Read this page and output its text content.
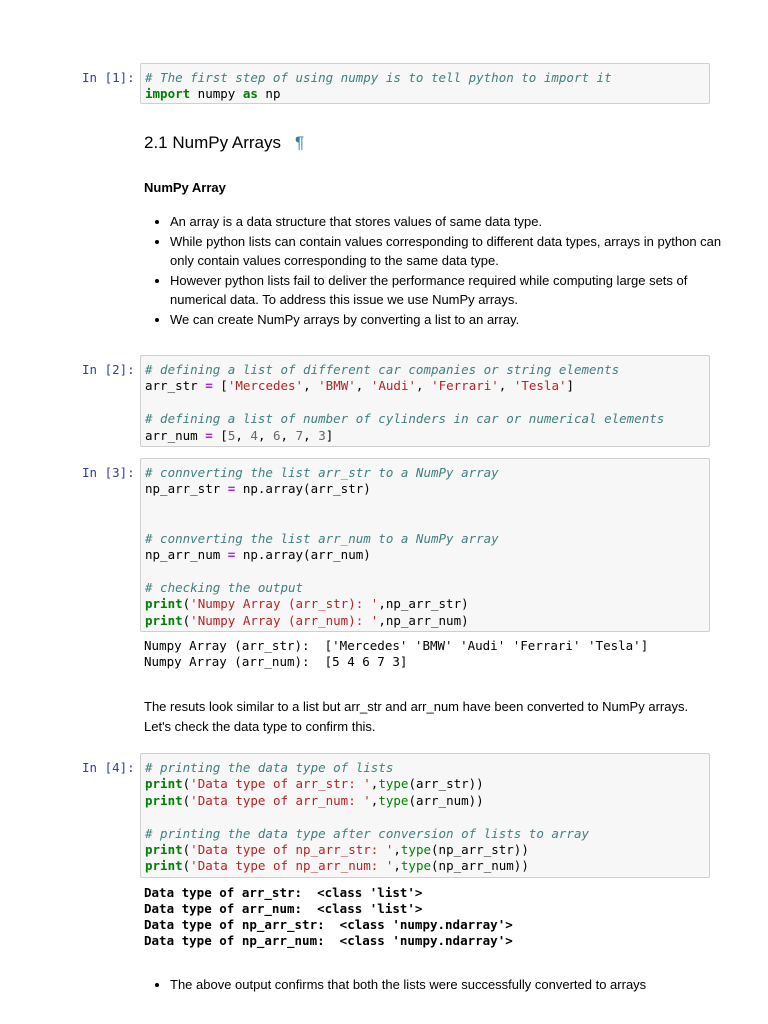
In [1]: # The first step of using numpy is to tell python to import it
import numpy as np
2.1 NumPy Arrays ¶
NumPy Array
• An array is a data structure that stores values of same data type.
• While python lists can contain values corresponding to different data types, arrays in python can only contain values corresponding to the same data type.
• However python lists fail to deliver the performance required while computing large sets of numerical data. To address this issue we use NumPy arrays.
• We can create NumPy arrays by converting a list to an array.
In [2]: # defining a list of different car companies or string elements
arr_str = ['Mercedes', 'BMW', 'Audi', 'Ferrari', 'Tesla']

# defining a list of number of cylinders in car or numerical elements
arr_num = [5, 4, 6, 7, 3]
In [3]: # connverting the list arr_str to a NumPy array
np_arr_str = np.array(arr_str)

# connverting the list arr_num to a NumPy array
np_arr_num = np.array(arr_num)

# checking the output
print('Numpy Array (arr_str): ',np_arr_str)
print('Numpy Array (arr_num): ',np_arr_num)
Numpy Array (arr_str):  ['Mercedes' 'BMW' 'Audi' 'Ferrari' 'Tesla']
Numpy Array (arr_num):  [5 4 6 7 3]
The resuts look similar to a list but arr_str and arr_num have been converted to NumPy arrays.
Let's check the data type to confirm this.
In [4]: # printing the data type of lists
print('Data type of arr_str: ',type(arr_str))
print('Data type of arr_num: ',type(arr_num))

# printing the data type after conversion of lists to array
print('Data type of np_arr_str: ',type(np_arr_str))
print('Data type of np_arr_num: ',type(np_arr_num))
Data type of arr_str:  <class 'list'>
Data type of arr_num:  <class 'list'>
Data type of np_arr_str:  <class 'numpy.ndarray'>
Data type of np_arr_num:  <class 'numpy.ndarray'>
• The above output confirms that both the lists were successfully converted to arrays
